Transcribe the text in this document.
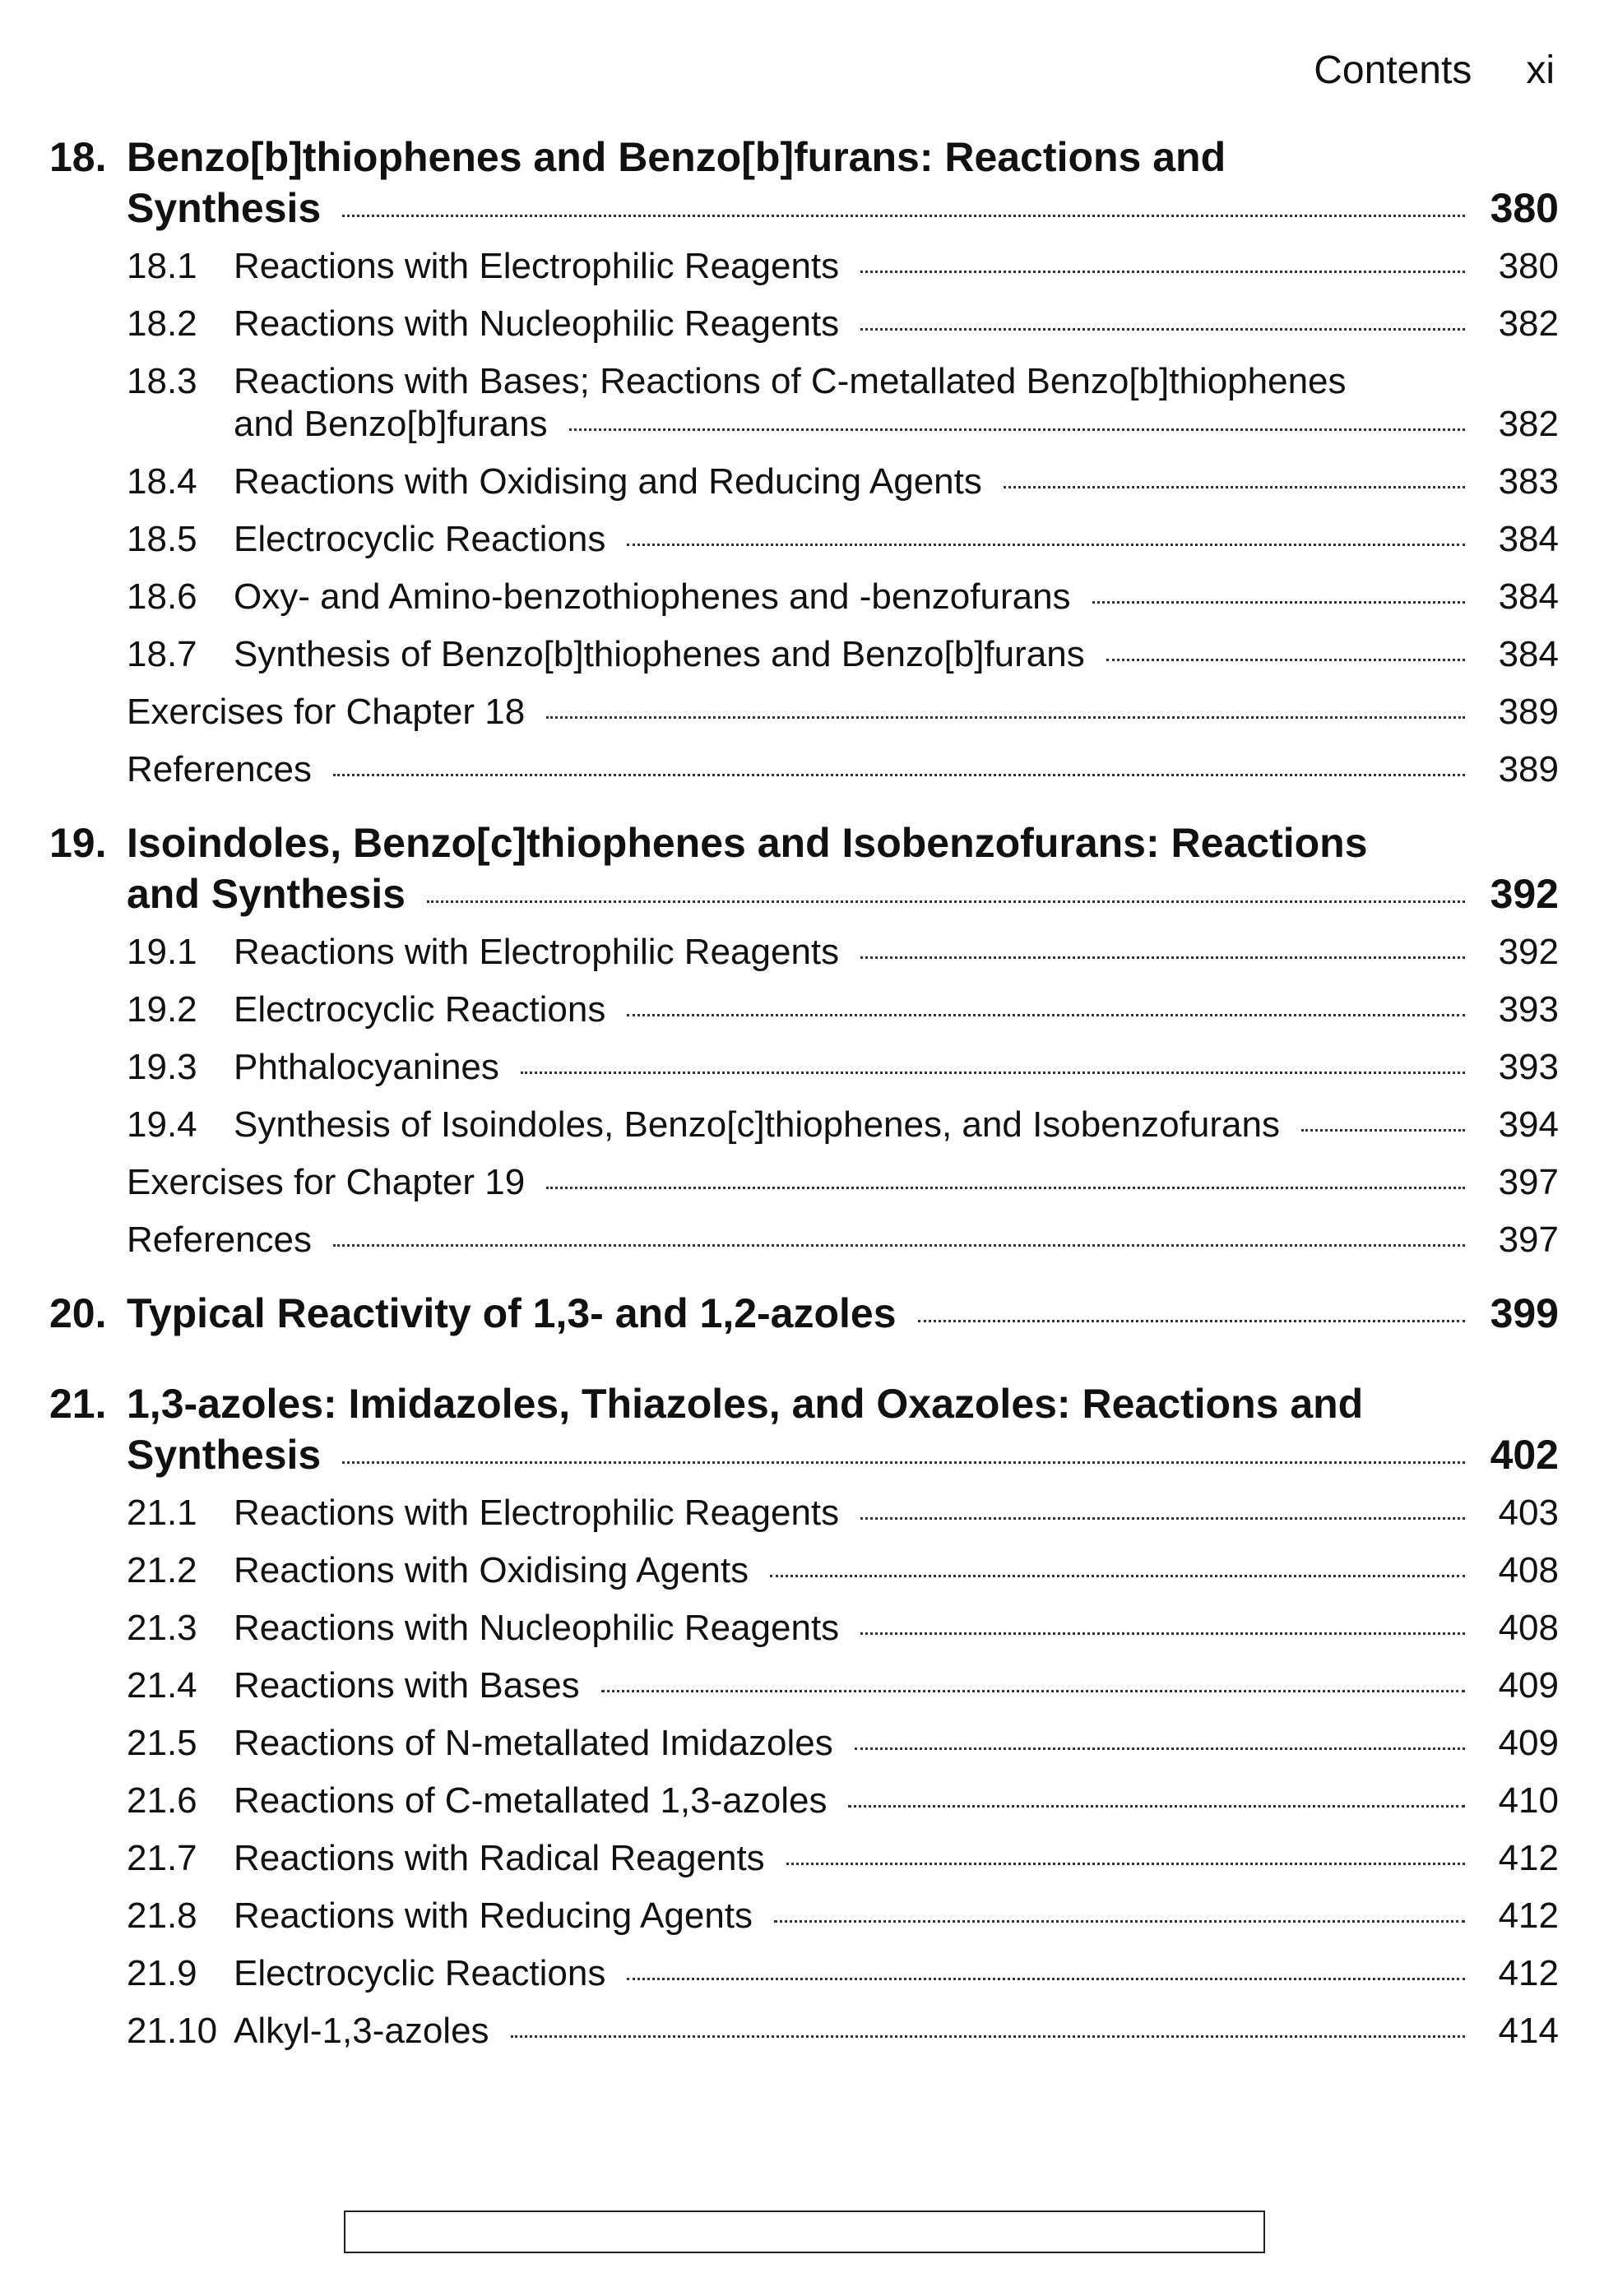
Contents xi
18. Benzo[b]thiophenes and Benzo[b]furans: Reactions and
Synthesis	380
18.1	Reactions with Electrophilic Reagents	380
18.2	Reactions with Nucleophilic Reagents	382
18.3	Reactions with Bases; Reactions of C-metallated Benzo[b]thiophenes
and Benzo[b]furans	382
18.4	Reactions with Oxidising and Reducing Agents	383
18.5	Electrocyclic Reactions	384
18.6	Oxy- and Amino-benzothiophenes and -benzofurans	384
18.7	Synthesis of Benzo[b]thiophenes and Benzo[b]furans	384
Exercises for Chapter 18	389
References	389
19. Isoindoles, Benzo[c]thiophenes and Isobenzofurans: Reactions
and Synthesis	392
19.1	Reactions with Electrophilic Reagents	392
19.2	Electrocyclic Reactions	393
19.3	Phthalocyanines	393
19.4	Synthesis of Isoindoles, Benzo[c]thiophenes, and Isobenzofurans	394
Exercises for Chapter 19	397
References	397
20. Typical Reactivity of 1,3- and 1,2-azoles	399
21. 1,3-azoles: Imidazoles, Thiazoles, and Oxazoles: Reactions and
Synthesis	402
21.1	Reactions with Electrophilic Reagents	403
21.2	Reactions with Oxidising Agents	408
21.3	Reactions with Nucleophilic Reagents	408
21.4	Reactions with Bases	409
21.5	Reactions of N-metallated Imidazoles	409
21.6	Reactions of C-metallated 1,3-azoles	410
21.7	Reactions with Radical Reagents	412
21.8	Reactions with Reducing Agents	412
21.9	Electrocyclic Reactions	412
21.10 Alkyl-1,3-azoles	414
